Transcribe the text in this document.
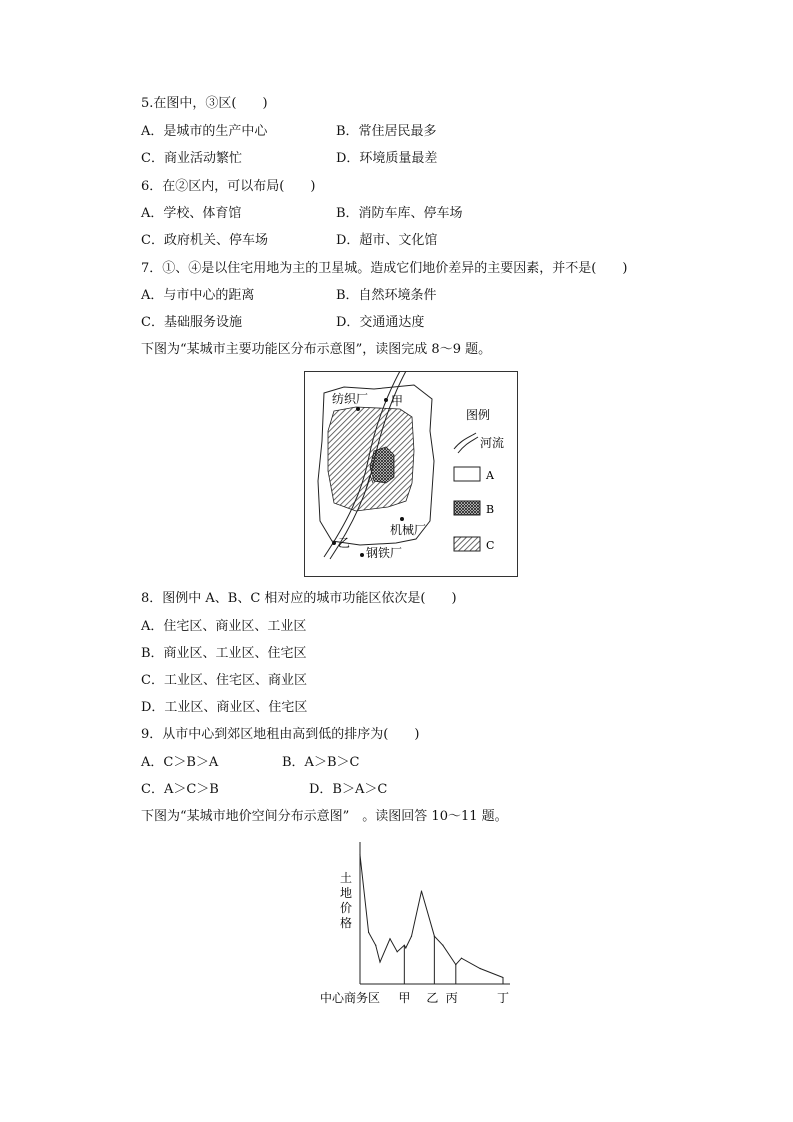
5.在图中，③区(　　)
A．是城市的生产中心	B．常住居民最多
C．商业活动繁忙	D．环境质量最差
6．在②区内，可以布局(　　)
A．学校、体育馆	B．消防车库、停车场
C．政府机关、停车场	D．超市、文化馆
7．①、④是以住宅用地为主的卫星城。造成它们地价差异的主要因素，并不是(　　)
A．与市中心的距离	B．自然环境条件
C．基础服务设施	D．交通通达度
下图为“某城市主要功能区分布示意图”，读图完成 8～9 题。
纺织厂 甲
乙
机械厂
钢铁厂
图例
河流
A
B
C
8．图例中 A、B、C 相对应的城市功能区依次是(　　)
A．住宅区、商业区、工业区
B．商业区、工业区、住宅区
C．工业区、住宅区、商业区
D．工业区、商业区、住宅区
9．从市中心到郊区地租由高到低的排序为(　　)
A．C＞B＞A	B．A＞B＞C
C．A＞C＞B	D．B＞A＞C
下图为“某城市地价空间分布示意图”　。读图回答 10～11 题。
土地价格
中心商务区 甲 乙 丙	丁
